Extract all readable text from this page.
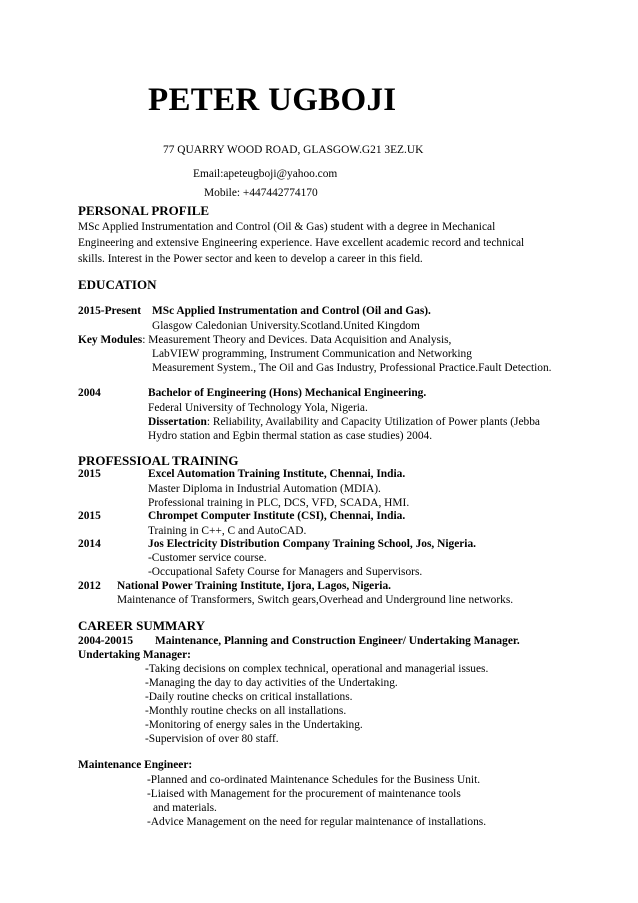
PETER UGBOJI
77 QUARRY WOOD ROAD, GLASGOW.G21 3EZ.UK
Email:apeteugboji@yahoo.com
Mobile: +447442774170
PERSONAL PROFILE
MSc Applied Instrumentation and Control (Oil & Gas) student with a degree in Mechanical
Engineering and extensive Engineering experience. Have excellent academic record and technical
skills. Interest in the Power sector and keen to develop a career in this field.
EDUCATION
2015-Present MSc Applied Instrumentation and Control (Oil and Gas).
Glasgow Caledonian University.Scotland.United Kingdom
Key Modules: Measurement Theory and Devices. Data Acquisition and Analysis,
LabVIEW programming, Instrument Communication and Networking
Measurement System., The Oil and Gas Industry, Professional Practice.Fault Detection.
2004	Bachelor of Engineering (Hons) Mechanical Engineering.
Federal University of Technology Yola, Nigeria.
Dissertation: Reliability, Availability and Capacity Utilization of Power plants (Jebba
Hydro station and Egbin thermal station as case studies) 2004.
PROFESSIOAL TRAINING
2015	Excel Automation Training Institute, Chennai, India.
Master Diploma in Industrial Automation (MDIA).
Professional training in PLC, DCS, VFD, SCADA, HMI.
2015	Chrompet Computer Institute (CSI), Chennai, India.
Training in C++, C and AutoCAD.
2014	Jos Electricity Distribution Company Training School, Jos, Nigeria.
-Customer service course.
-Occupational Safety Course for Managers and Supervisors.
2012 National Power Training Institute, Ijora, Lagos, Nigeria.
Maintenance of Transformers, Switch gears,Overhead and Underground line networks.
CAREER SUMMARY
2004-20015 Maintenance, Planning and Construction Engineer/ Undertaking Manager.
Undertaking Manager:
-Taking decisions on complex technical, operational and managerial issues.
-Managing the day to day activities of the Undertaking.
-Daily routine checks on critical installations.
-Monthly routine checks on all installations.
-Monitoring of energy sales in the Undertaking.
-Supervision of over 80 staff.
Maintenance Engineer:
-Planned and co-ordinated Maintenance Schedules for the Business Unit.
-Liaised with Management for the procurement of maintenance tools
and materials.
-Advice Management on the need for regular maintenance of installations.
